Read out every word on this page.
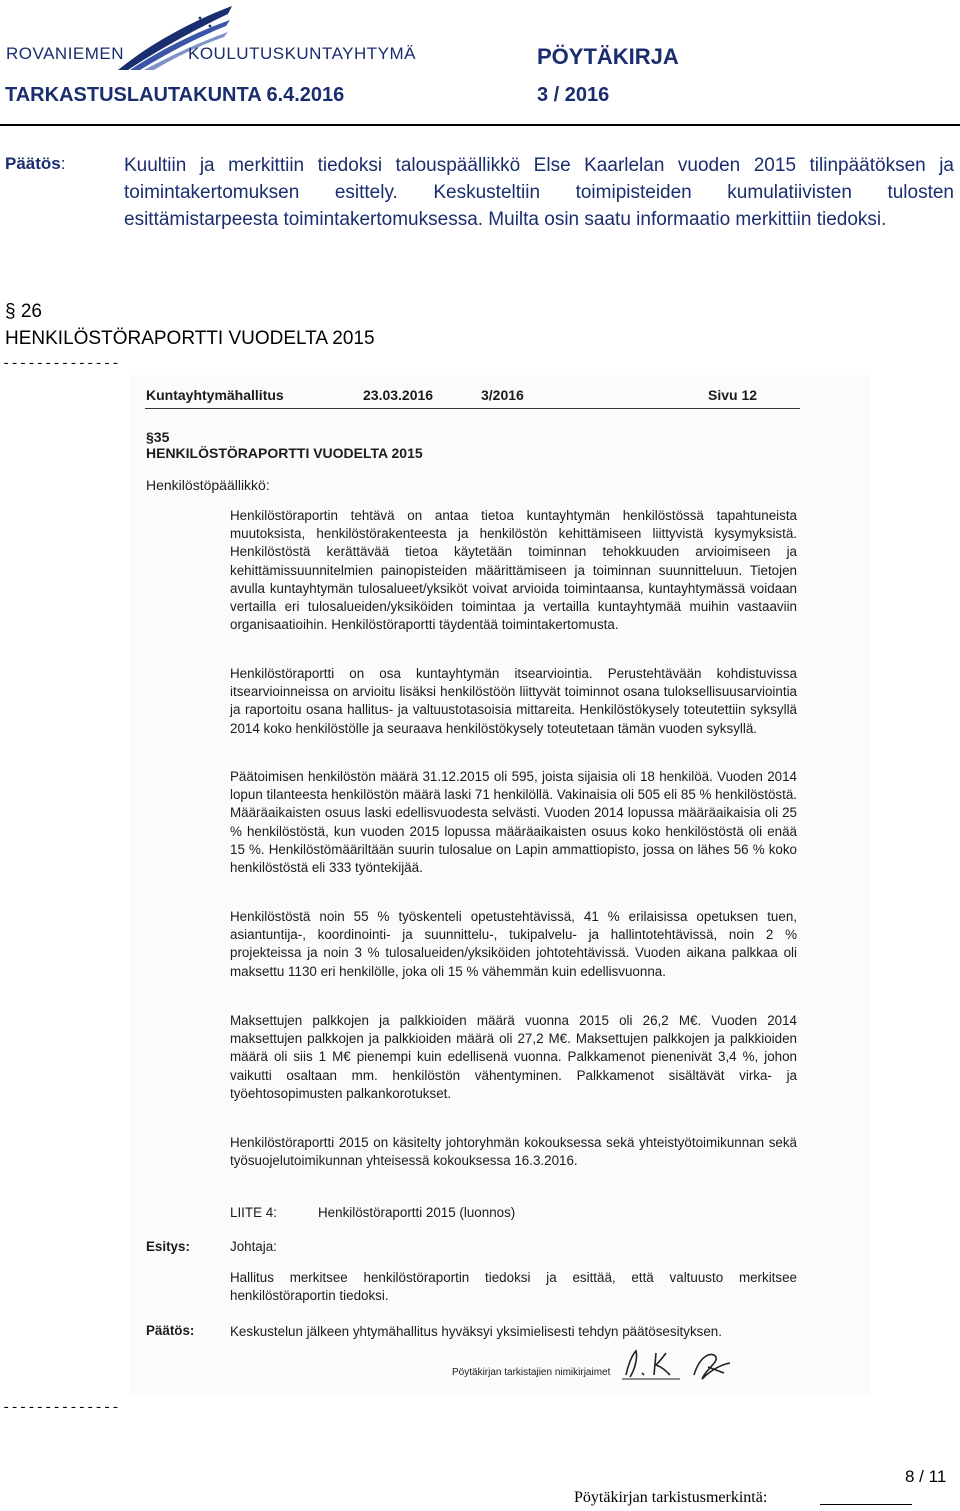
ROVANIEMEN	KOULUTUSKUNTAYHTYMÄ	PÖYTÄKIRJA
TARKASTUSLAUTAKUNTA 6.4.2016	3 / 2016
Päätös:	Kuultiin ja merkittiin tiedoksi talouspäällikkö Else Kaarlelan vuoden 2015 tilinpäätöksen ja toimintakertomuksen esittely. Keskusteltiin toimipisteiden kumulatiivisten tulosten esittämistarpeesta toimintakertomuksessa. Muilta osin saatu informaatio merkittiin tiedoksi.
§ 26
HENKILÖSTÖRAPORTTI VUODELTA 2015
--------------
Kuntayhtymähallitus	23.03.2016	3/2016	Sivu 12
§35
HENKILÖSTÖRAPORTTI VUODELTA 2015
Henkilöstöpäällikkö:
Henkilöstöraportin tehtävä on antaa tietoa kuntayhtymän henkilöstössä tapahtuneista muutoksista, henkilöstörakenteesta ja henkilöstön kehittämiseen liittyvistä kysymyksistä. Henkilöstöstä kerättävää tietoa käytetään toiminnan tehokkuuden arvioimiseen ja kehittämissuunnitelmien painopisteiden määrittämiseen ja toiminnan suunnitteluun. Tietojen avulla kuntayhtymän tulosalueet/yksiköt voivat arvioida toimintaansa, kuntayhtymässä voidaan vertailla eri tulosalueiden/yksiköiden toimintaa ja vertailla kuntayhtymää muihin vastaaviin organisaatioihin. Henkilöstöraportti täydentää toimintakertomusta.
Henkilöstöraportti on osa kuntayhtymän itsearviointia. Perustehtävään kohdistuvissa itsearvioinneissa on arvioitu lisäksi henkilöstöön liittyvät toiminnot osana tuloksellisuusarviointia ja raportoitu osana hallitus- ja valtuustotasoisia mittareita. Henkilöstökysely toteutettiin syksyllä 2014 koko henkilöstölle ja seuraava henkilöstökysely toteutetaan tämän vuoden syksyllä.
Päätoimisen henkilöstön määrä 31.12.2015 oli 595, joista sijaisia oli 18 henkilöä. Vuoden 2014 lopun tilanteesta henkilöstön määrä laski 71 henkilöllä. Vakinaisia oli 505 eli 85 % henkilöstöstä. Määräaikaisten osuus laski edellisvuodesta selvästi. Vuoden 2014 lopussa määräaikaisia oli 25 % henkilöstöstä, kun vuoden 2015 lopussa määräaikaisten osuus koko henkilöstöstä oli enää 15 %. Henkilöstömääriltään suurin tulosalue on Lapin ammattiopisto, jossa on lähes 56 % koko henkilöstöstä eli 333 työntekijää.
Henkilöstöstä noin 55 % työskenteli opetustehtävissä, 41 % erilaisissa opetuksen tuen, asiantuntija-, koordinointi- ja suunnittelu-, tukipalvelu- ja hallintotehtävissä, noin 2 % projekteissa ja noin 3 % tulosalueiden/yksiköiden johtotehtävissä. Vuoden aikana palkkaa oli maksettu 1130 eri henkilölle, joka oli 15 % vähemmän kuin edellisvuonna.
Maksettujen palkkojen ja palkkioiden määrä vuonna 2015 oli 26,2 M€. Vuoden 2014 maksettujen palkkojen ja palkkioiden määrä oli 27,2 M€. Maksettujen palkkojen ja palkkioiden määrä oli siis 1 M€ pienempi kuin edellisenä vuonna. Palkkamenot pienenivät 3,4 %, johon vaikutti osaltaan mm. henkilöstön vähentyminen. Palkkamenot sisältävät virka- ja työehtosopimusten palkankorotukset.
Henkilöstöraportti 2015 on käsitelty johtoryhmän kokouksessa sekä yhteistyötoimikunnan sekä työsuojelutoimikunnan yhteisessä kokouksessa 16.3.2016.
LIITE 4:	Henkilöstöraportti 2015 (luonnos)
Esitys:	Johtaja:
Hallitus merkitsee henkilöstöraportin tiedoksi ja esittää, että valtuusto merkitsee henkilöstöraportin tiedoksi.
Päätös:	Keskustelun jälkeen yhtymähallitus hyväksyi yksimielisesti tehdyn päätösesityksen.
Pöytäkirjan tarkistajien nimikirjaimet
--------------
8 / 11
Pöytäkirjan tarkistusmerkintä:
